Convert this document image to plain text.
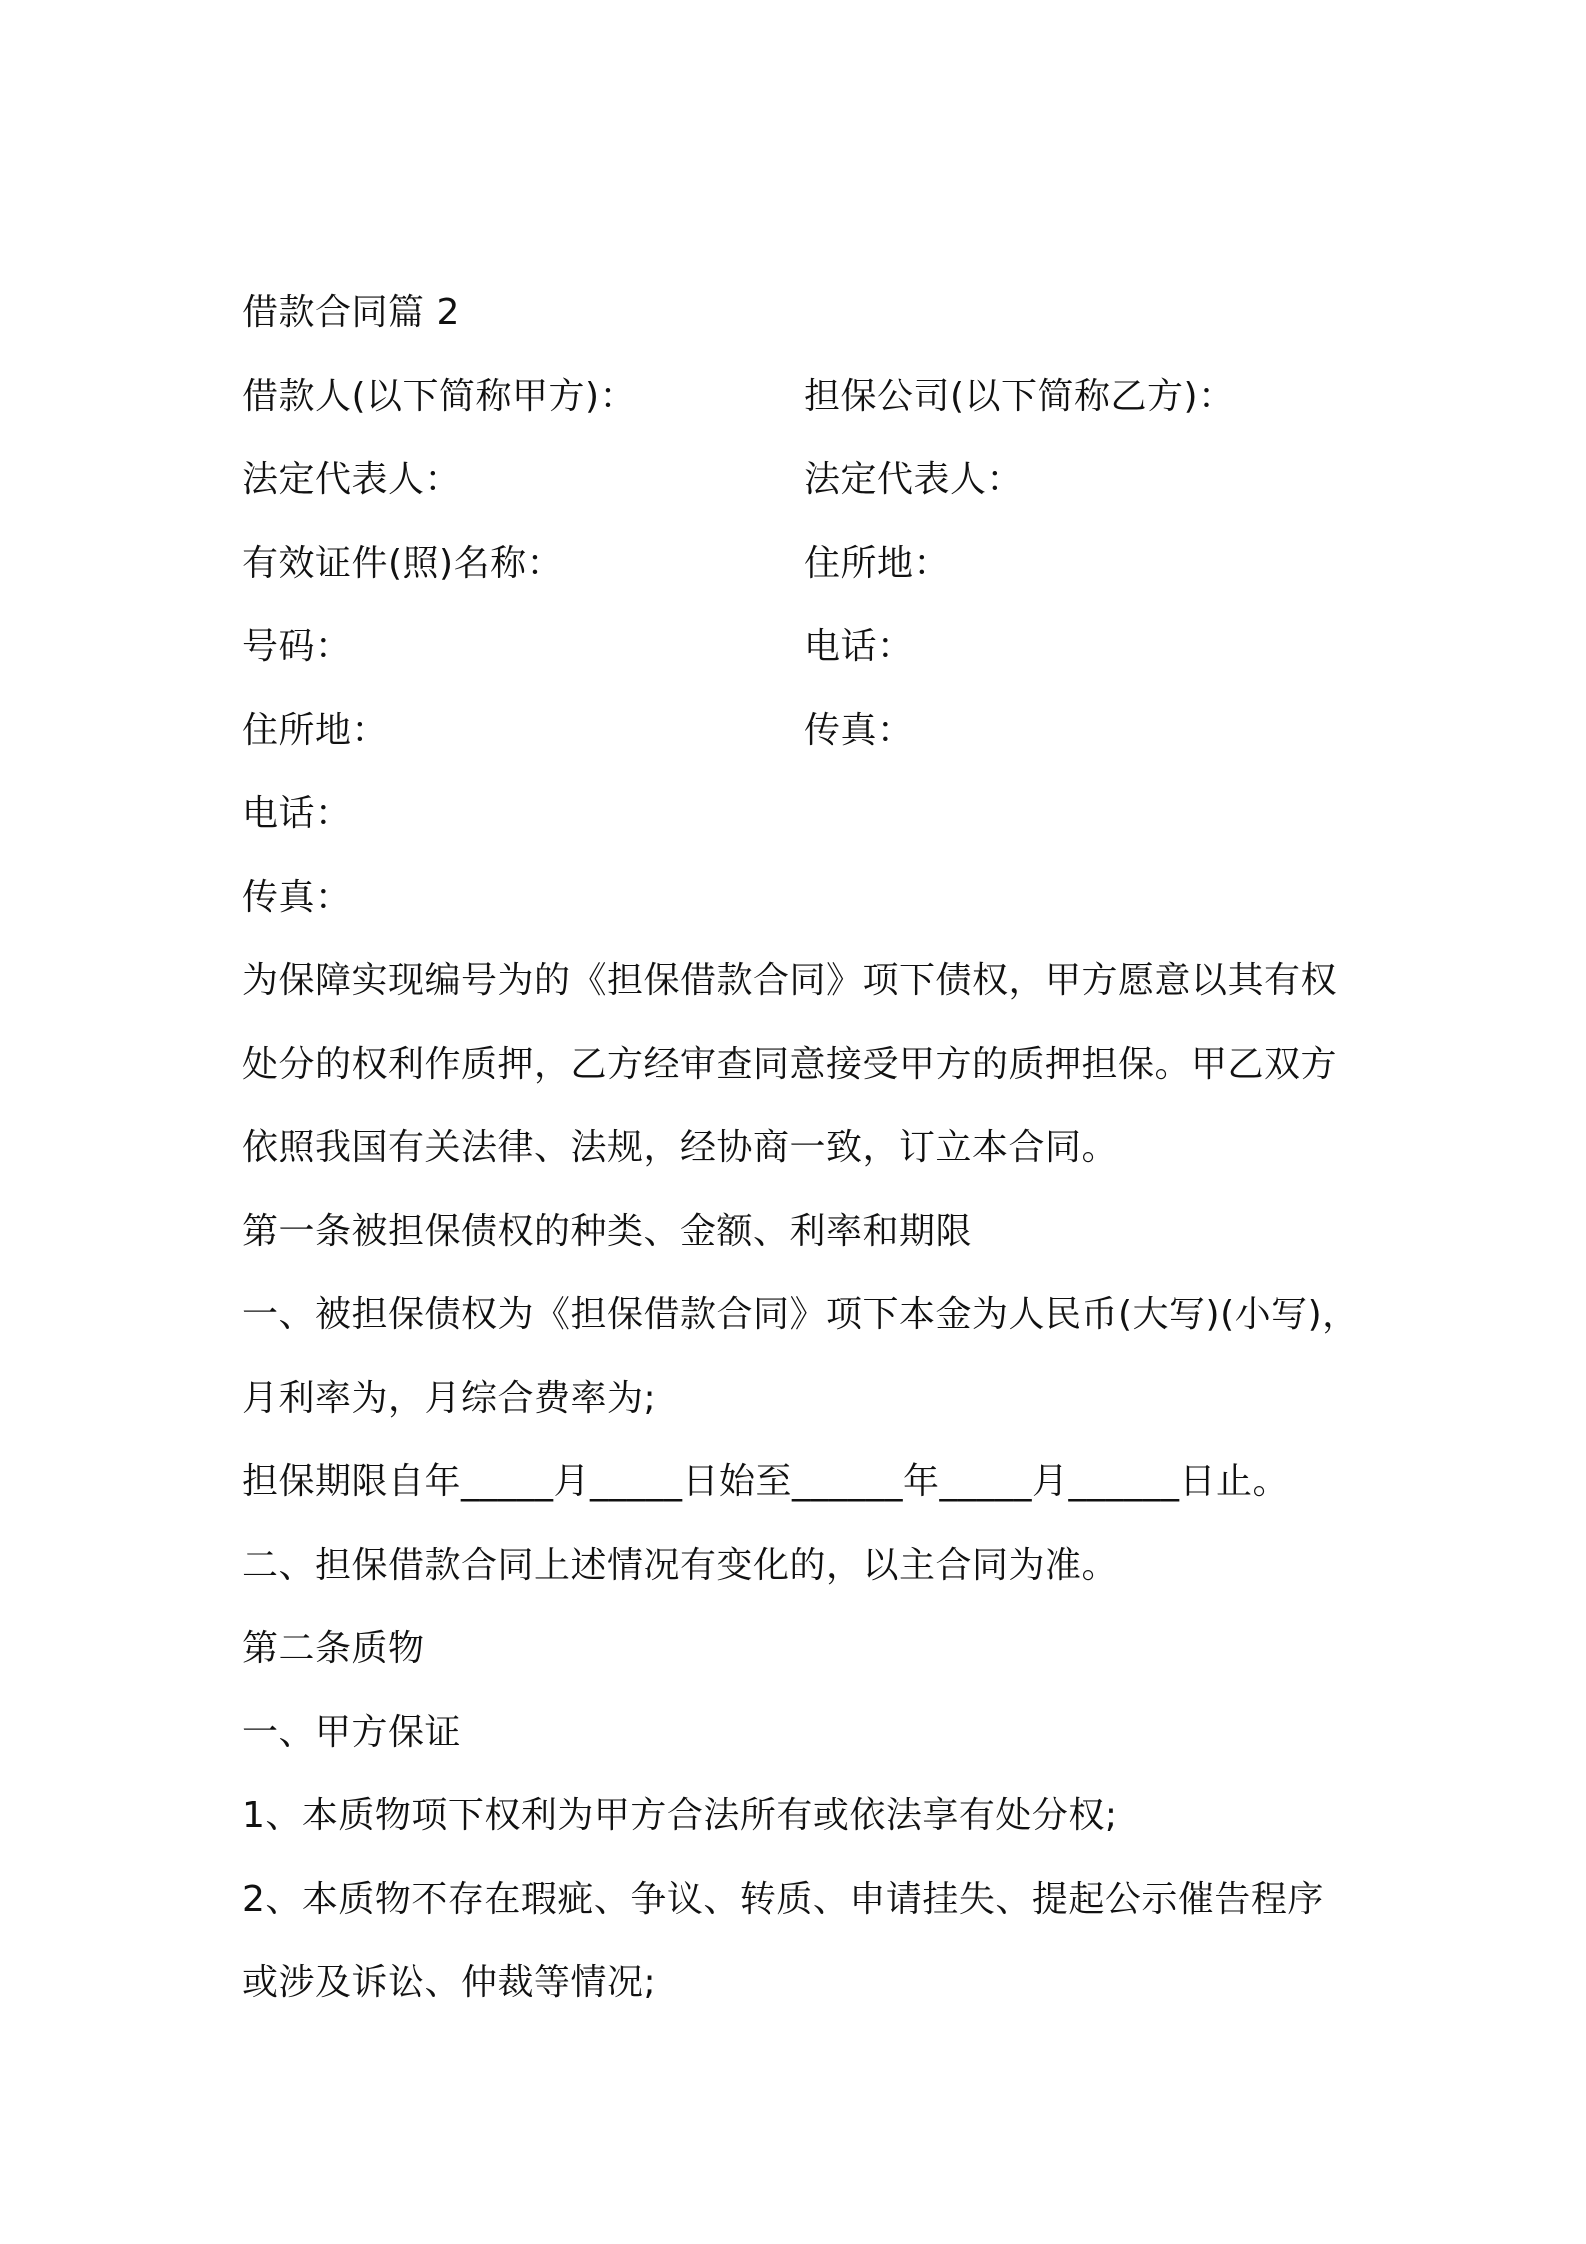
借款合同篇 2
借款人(以下简称甲方)：	担保公司(以下简称乙方)：
法定代表人：	法定代表人：
有效证件(照)名称：	住所地：
号码：	电话：
住所地：	传真：
电话：
传真：
为保障实现编号为的《担保借款合同》项下债权，甲方愿意以其有权
处分的权利作质押，乙方经审查同意接受甲方的质押担保。甲乙双方
依照我国有关法律、法规，经协商一致，订立本合同。
第一条被担保债权的种类、金额、利率和期限
一、被担保债权为《担保借款合同》项下本金为人民币(大写)(小写)，
月利率为，月综合费率为;
担保期限自年_____月_____日始至______年_____月______日止。
二、担保借款合同上述情况有变化的，以主合同为准。
第二条质物
一、甲方保证
1、本质物项下权利为甲方合法所有或依法享有处分权;
2、本质物不存在瑕疵、争议、转质、申请挂失、提起公示催告程序
或涉及诉讼、仲裁等情况;
